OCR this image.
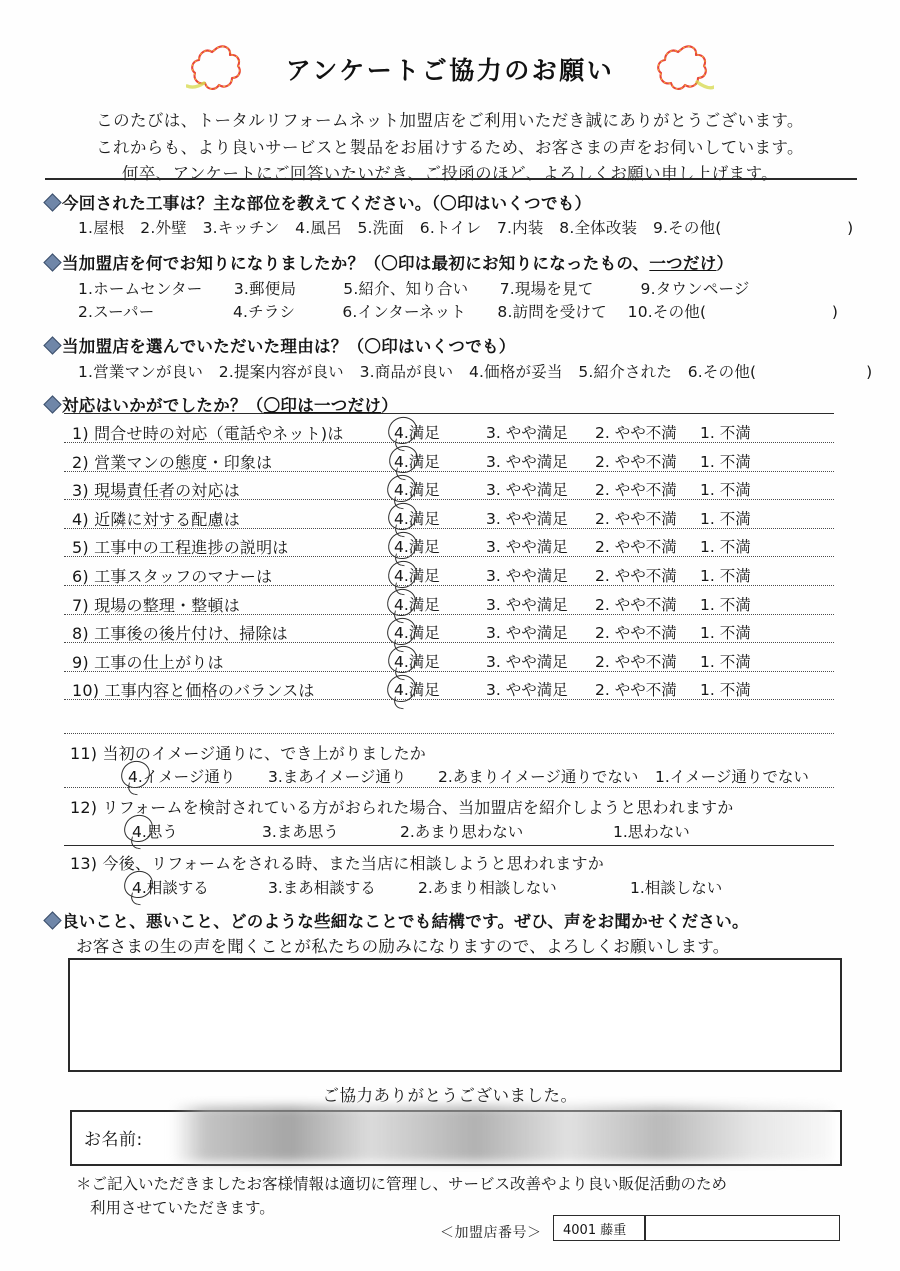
アンケートご協力のお願い
このたびは、トータルリフォームネット加盟店をご利用いただき誠にありがとうございます。
これからも、より良いサービスと製品をお届けするため、お客さまの声をお伺いしています。
何卒、アンケートにご回答いたいだき、ご投函のほど、よろしくお願い申し上げます。
今回された工事は？主な部位を教えてください。（〇印はいくつでも）
1.屋根　2.外壁　3.キッチン　4.風呂　5.洗面　6.トイレ　7.内装　8.全体改装　9.その他(　　　　　　　　)
当加盟店を何でお知りになりましたか？（〇印は最初にお知りになったもの、 一つだけ ）
1.ホームセンター　　3.郵便局　　　5.紹介、知り合い　　7.現場を見て　　　9.タウンページ
2.スーパー　　　　　4.チラシ　　　6.インターネット　　8.訪問を受けて　 10.その他(　　　　　　　　)
当加盟店を選んでいただいた理由は？（〇印はいくつでも）
1.営業マンが良い　2.提案内容が良い　3.商品が良い　4.価格が妥当　5.紹介された　6.その他(　　　　　　　)
対応はいかがでしたか？（ 〇印は一つだけ ）
1) 問合せ時の対応（電話やネット)は	4.満足	3. やや満足 2. やや不満 1. 不満
2) 営業マンの態度・印象は	4.満足	3. やや満足 2. やや不満 1. 不満
3) 現場責任者の対応は	4.満足	3. やや満足 2. やや不満 1. 不満
4) 近隣に対する配慮は	4.満足	3. やや満足 2. やや不満 1. 不満
5) 工事中の工程進捗の説明は	4.満足	3. やや満足 2. やや不満 1. 不満
6) 工事スタッフのマナーは	4.満足	3. やや満足 2. やや不満 1. 不満
7) 現場の整理・整頓は	4.満足	3. やや満足 2. やや不満 1. 不満
8) 工事後の後片付け、掃除は	4.満足	3. やや満足 2. やや不満 1. 不満
9) 工事の仕上がりは	4.満足	3. やや満足 2. やや不満 1. 不満
10) 工事内容と価格のバランスは	4.満足	3. やや満足 2. やや不満 1. 不満
11) 当初のイメージ通りに、でき上がりましたか
4.イメージ通り 3.まあイメージ通り 2.あまりイメージ通りでない 1.イメージ通りでない
12) リフォームを検討されている方がおられた場合、当加盟店を紹介しようと思われますか
4.思う	3.まあ思う	2.あまり思わない	1.思わない
13) 今後、リフォームをされる時、また当店に相談しようと思われますか
4.相談する	3.まあ相談する	2.あまり相談しない	1.相談しない
良いこと、悪いこと、どのような些細なことでも結構です。ぜひ、声をお聞かせください。
お客さまの生の声を聞くことが私たちの励みになりますので、よろしくお願いします。
ご協力ありがとうございました。
お名前:
＊ご記入いただきましたお客様情報は適切に管理し、サービス改善やより良い販促活動のため
利用させていただきます。
＜加盟店番号＞	4001 藤重
